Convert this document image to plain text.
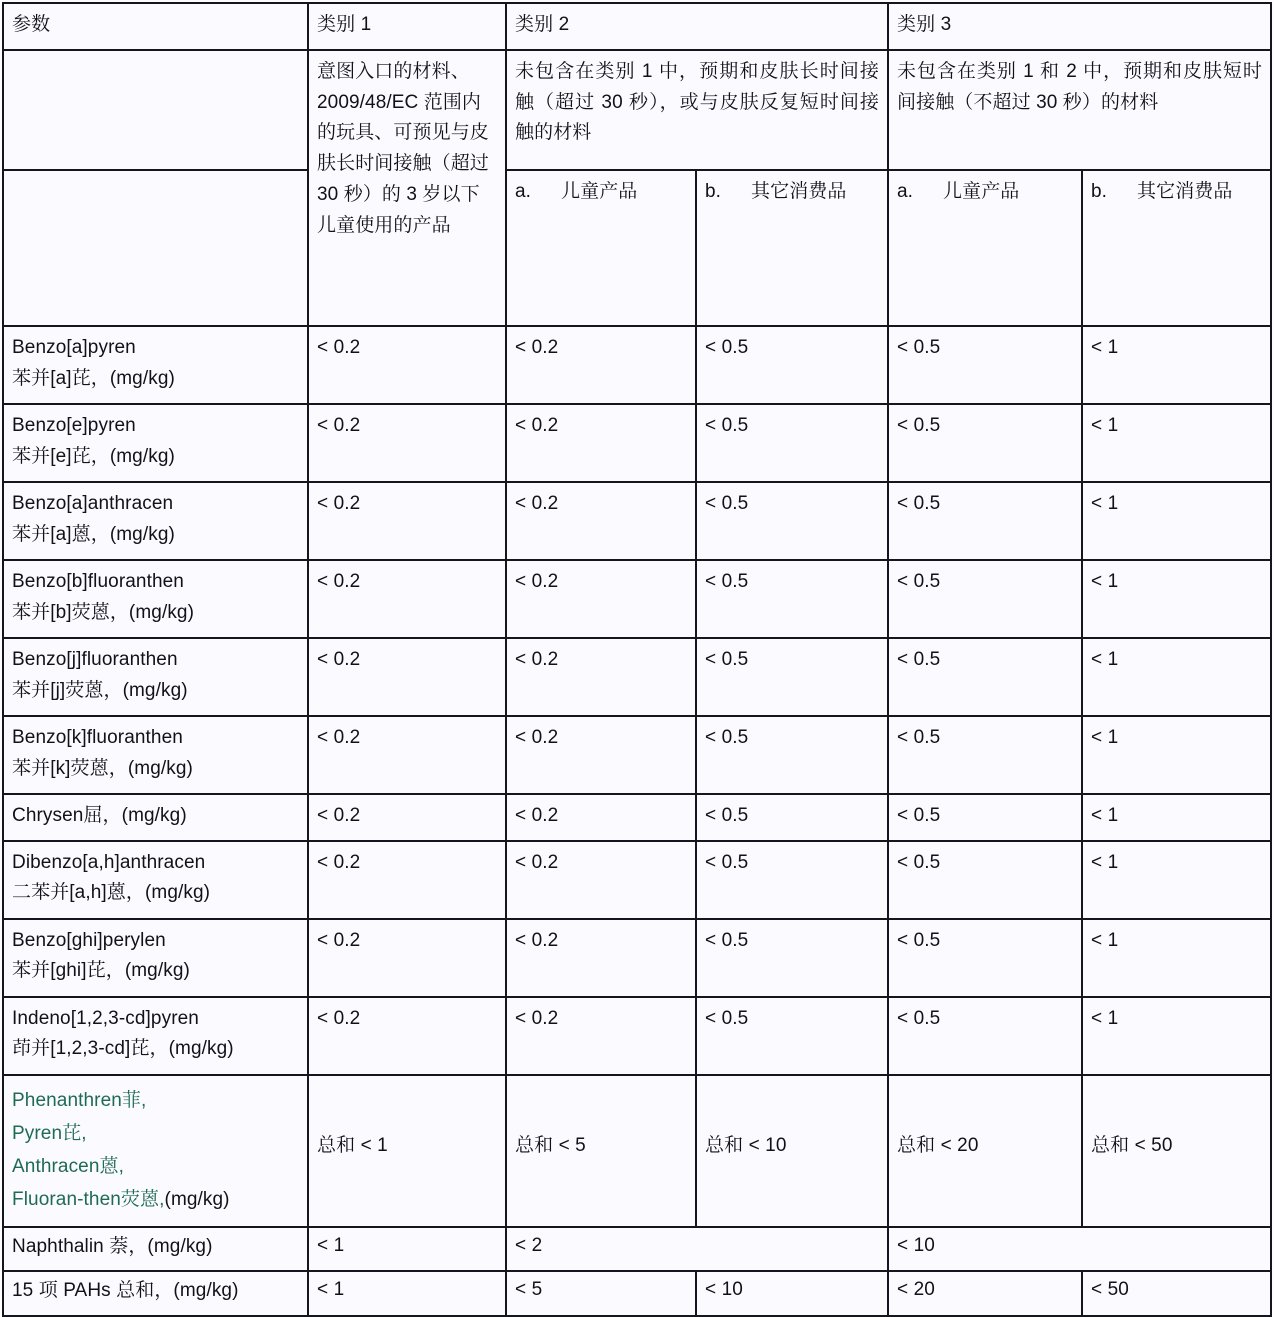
参数	类别 1	类别 2		类别 3	
	意图入口的材料、2009/48/EC 范围内的玩具、可预见与皮肤长时间接触（超过 30 秒）的 3 岁以下儿童使用的产品	未包含在类别 1 中，预期和皮肤长时间接触（超过 30 秒），或与皮肤反复短时间接触的材料		未包含在类别 1 和 2 中，预期和皮肤短时间接触（不超过 30 秒）的材料	
		a. 儿童产品	b. 其它消费品	a. 儿童产品	b. 其它消费品
Benzo[a]pyren
苯并[a]芘，(mg/kg)	< 0.2	< 0.2	< 0.5	< 0.5	< 1
Benzo[e]pyren
苯并[e]芘，(mg/kg)	< 0.2	< 0.2	< 0.5	< 0.5	< 1
Benzo[a]anthracen
苯并[a]蒽，(mg/kg)	< 0.2	< 0.2	< 0.5	< 0.5	< 1
Benzo[b]fluoranthen
苯并[b]荧蒽，(mg/kg)	< 0.2	< 0.2	< 0.5	< 0.5	< 1
Benzo[j]fluoranthen
苯并[j]荧蒽，(mg/kg)	< 0.2	< 0.2	< 0.5	< 0.5	< 1
Benzo[k]fluoranthen
苯并[k]荧蒽，(mg/kg)	< 0.2	< 0.2	< 0.5	< 0.5	< 1
Chrysen屈，(mg/kg)	< 0.2	< 0.2	< 0.5	< 0.5	< 1
Dibenzo[a,h]anthracen
二苯并[a,h]蒽，(mg/kg)	< 0.2	< 0.2	< 0.5	< 0.5	< 1
Benzo[ghi]perylen
苯并[ghi]芘，(mg/kg)	< 0.2	< 0.2	< 0.5	< 0.5	< 1
Indeno[1,2,3-cd]pyren
茚并[1,2,3-cd]芘，(mg/kg)	< 0.2	< 0.2	< 0.5	< 0.5	< 1

Phenanthren菲,
Pyren芘,
Anthracen蒽,
Fluoran-then荧蒽,(mg/kg)	总和 < 1	总和 < 5	总和 < 10	总和 < 20	总和 < 50
Naphthalin 萘，(mg/kg)	< 1	< 2		< 10	
15 项 PAHs 总和，(mg/kg)	< 1	< 5	< 10	< 20	< 50
